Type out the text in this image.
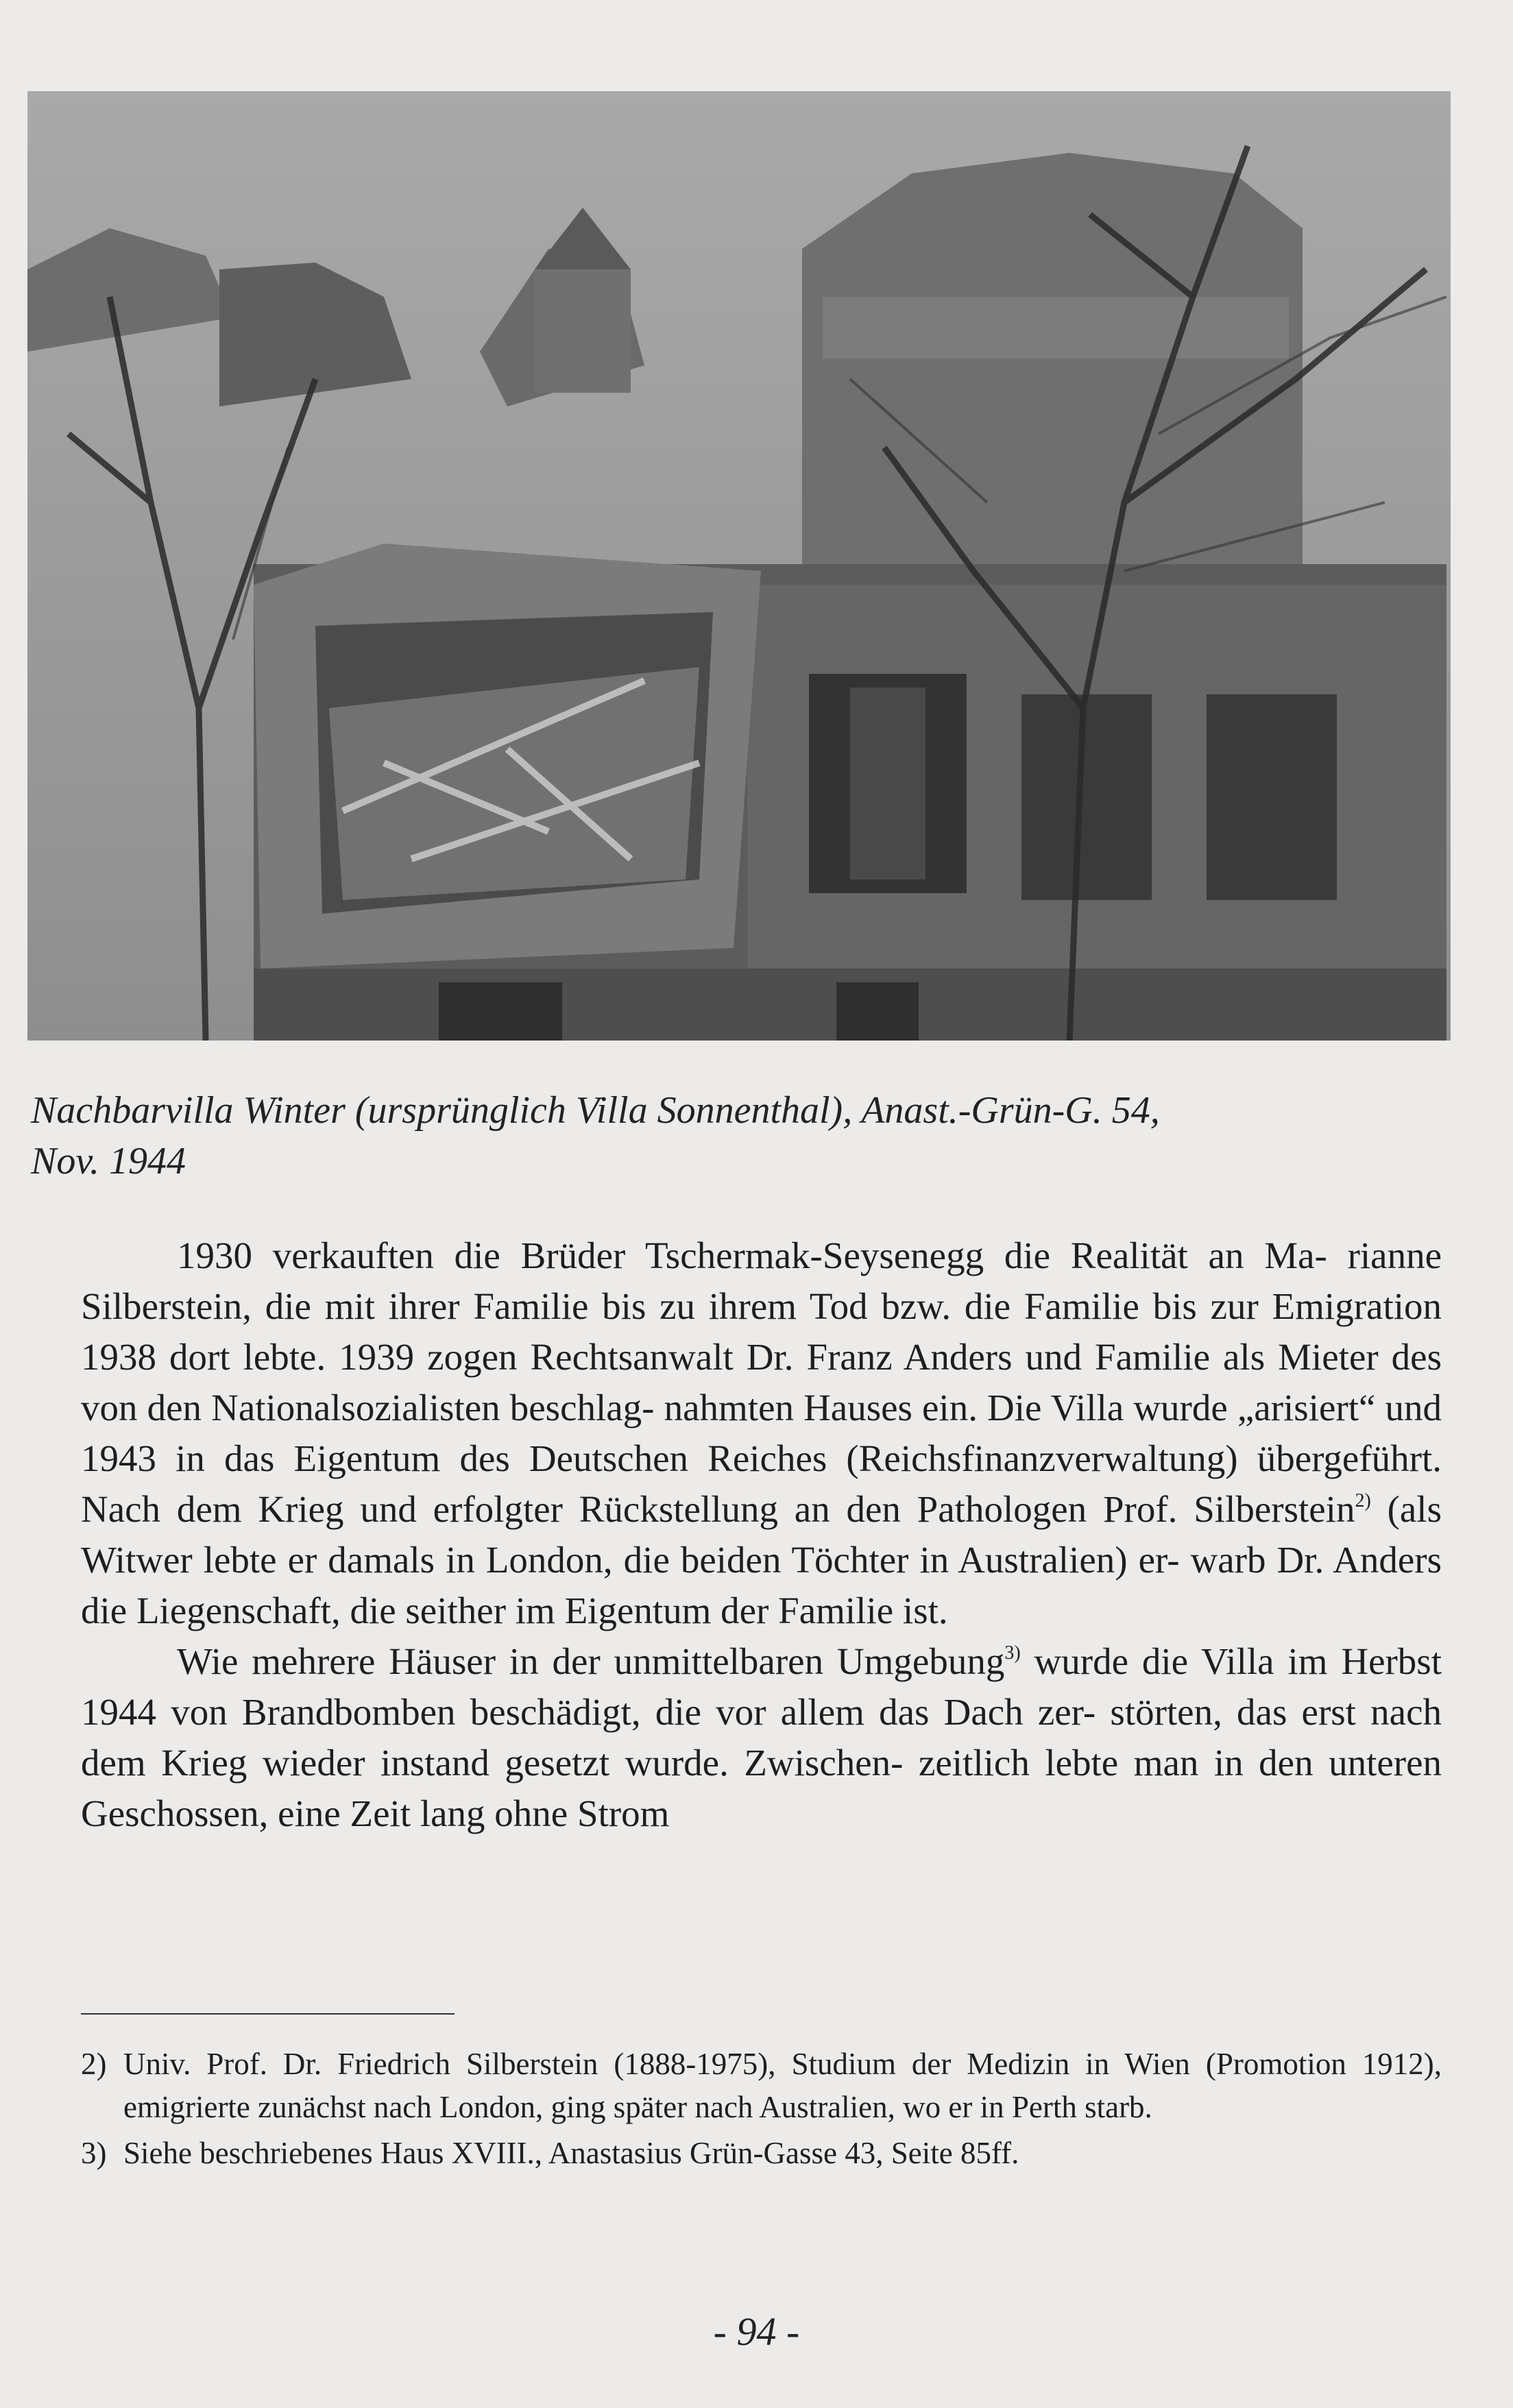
Nachbarvilla Winter (ursprünglich Villa Sonnenthal), Anast.-Grün-G. 54,
Nov. 1944

1930 verkauften die Brüder Tschermak-Seysenegg die Realität an Ma- rianne Silberstein, die mit ihrer Familie bis zu ihrem Tod bzw. die Familie bis zur Emigration 1938 dort lebte. 1939 zogen Rechtsanwalt Dr. Franz Anders und Familie als Mieter des von den Nationalsozialisten beschlag- nahmten Hauses ein. Die Villa wurde „arisiert“ und 1943 in das Eigentum des Deutschen Reiches (Reichsfinanzverwaltung) übergeführt. Nach dem Krieg und erfolgter Rückstellung an den Pathologen Prof. Silberstein$^{2)}$ (als Witwer lebte er damals in London, die beiden Töchter in Australien) er- warb Dr. Anders die Liegenschaft, die seither im Eigentum der Familie ist.

Wie mehrere Häuser in der unmittelbaren Umgebung$^{3)}$ wurde die Villa im Herbst 1944 von Brandbomben beschädigt, die vor allem das Dach zer- störten, das erst nach dem Krieg wieder instand gesetzt wurde. Zwischen- zeitlich lebte man in den unteren Geschossen, eine Zeit lang ohne Strom

2) Univ. Prof. Dr. Friedrich Silberstein (1888-1975), Studium der Medizin in Wien (Promotion 1912), emigrierte zunächst nach London, ging später nach Australien, wo er in Perth starb.
3) Siehe beschriebenes Haus XVIII., Anastasius Grün-Gasse 43, Seite 85ff.
- 94 -
